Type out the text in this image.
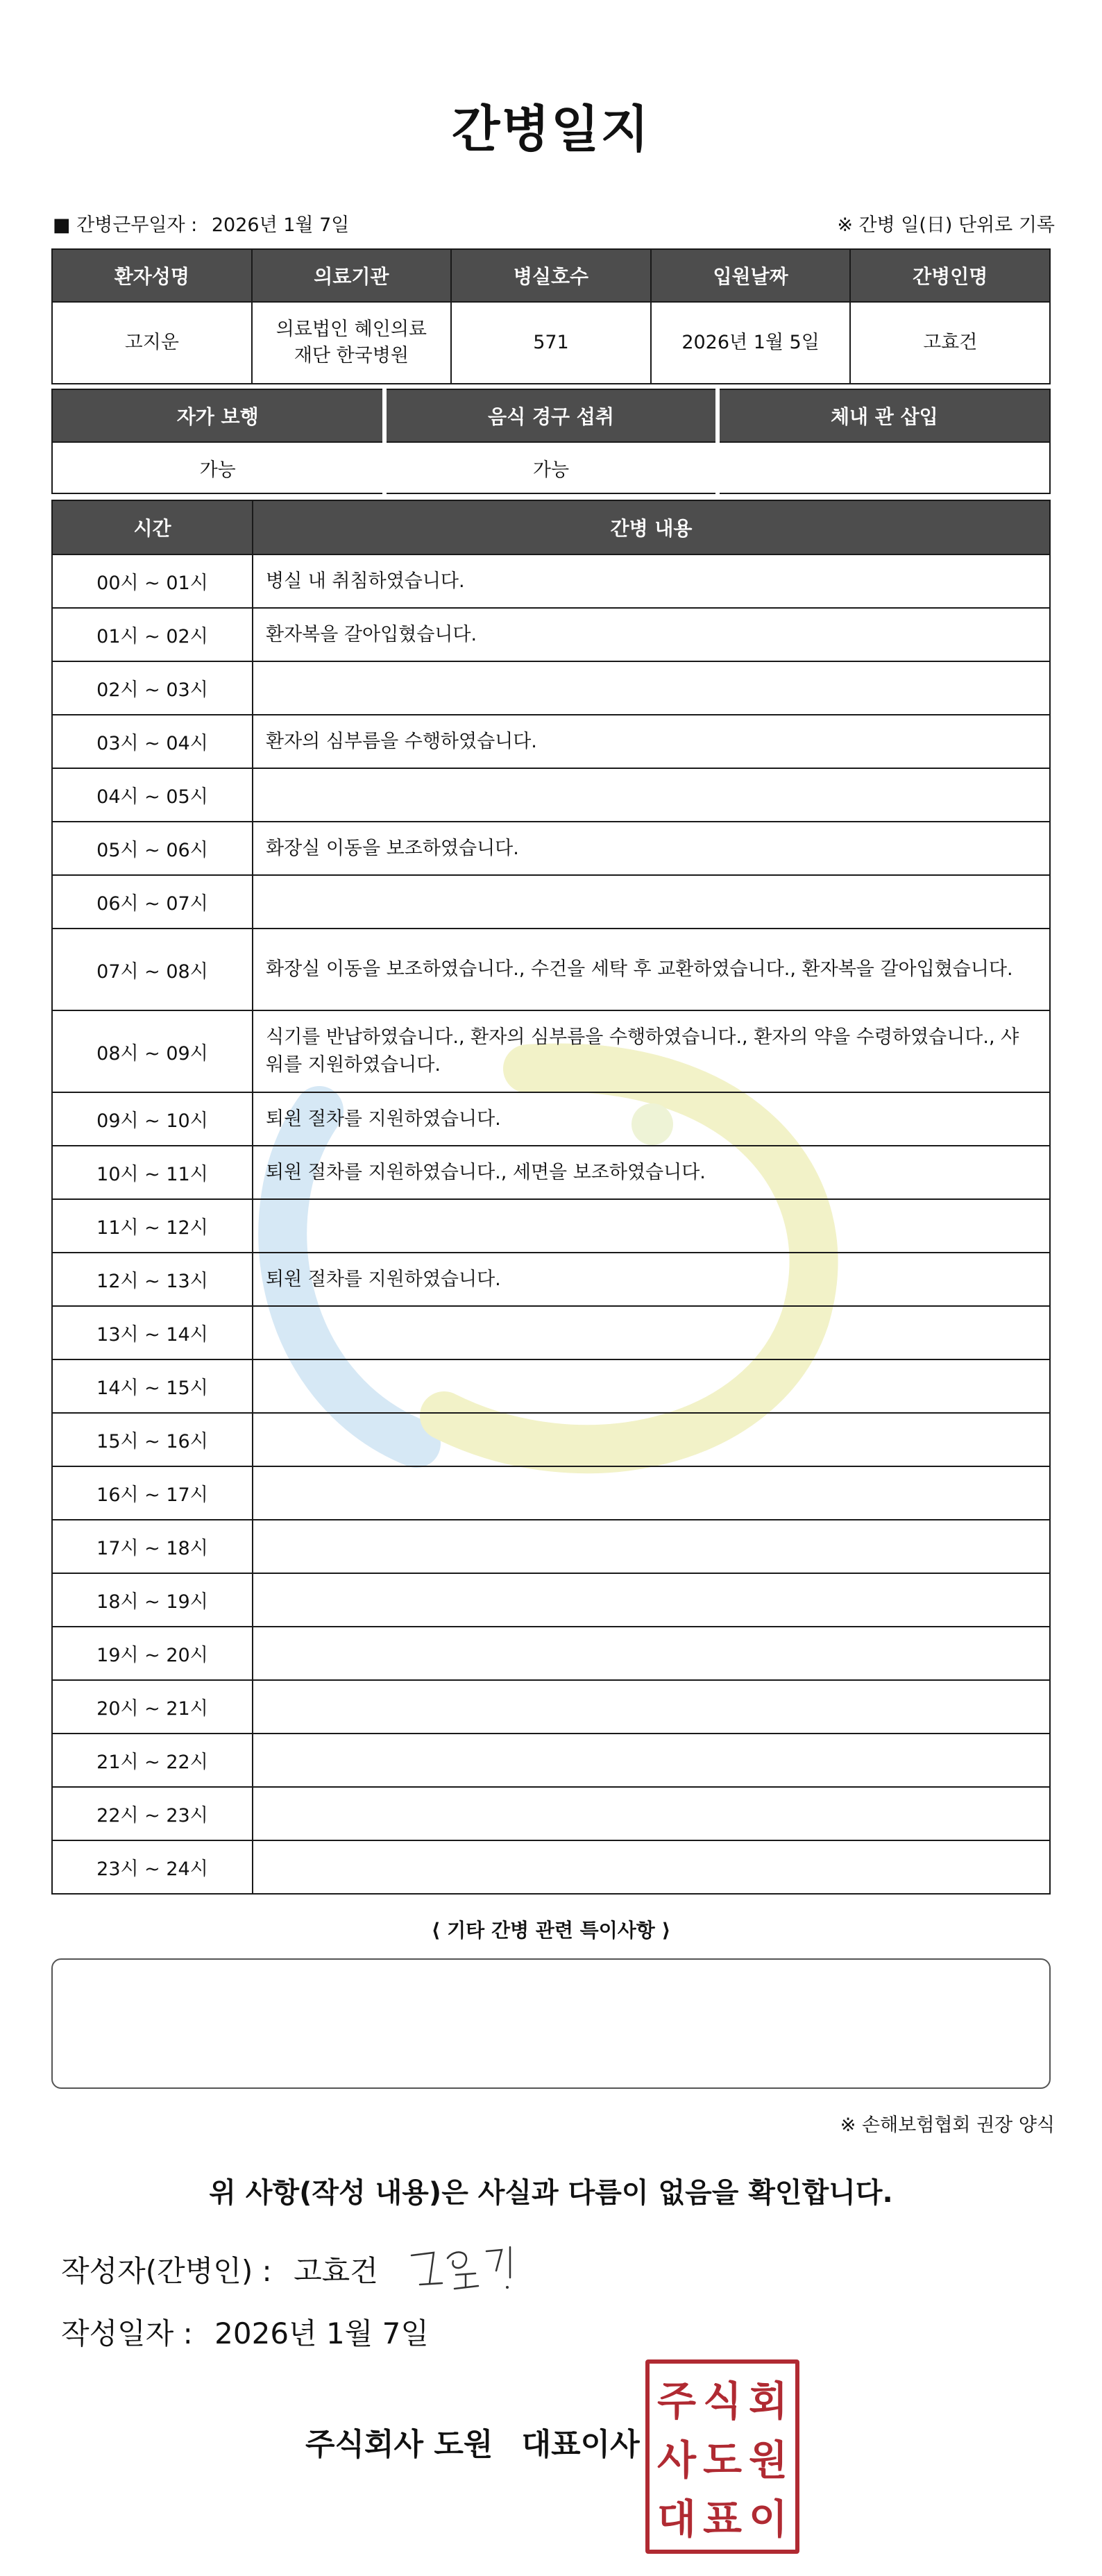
간병일지
■ 간병근무일자 : 2026년 1월 7일	※ 간병 일(日) 단위로 기록
환자성명	의료기관	병실호수	입원날짜	간병인명
고지운	의료법인 혜인의료
재단 한국병원	571	2026년 1월 5일	고효건
자가 보행	음식 경구 섭취	체내 관 삽입
가능	가능	
시간	간병 내용
00시 ~ 01시	병실 내 취침하였습니다.
01시 ~ 02시	환자복을 갈아입혔습니다.
02시 ~ 03시	
03시 ~ 04시	환자의 심부름을 수행하였습니다.
04시 ~ 05시	
05시 ~ 06시	화장실 이동을 보조하였습니다.
06시 ~ 07시	
07시 ~ 08시	화장실 이동을 보조하였습니다., 수건을 세탁 후 교환하였습니다., 환자복을 갈아입혔습니다.
08시 ~ 09시	식기를 반납하였습니다., 환자의 심부름을 수행하였습니다., 환자의 약을 수령하였습니다., 샤워를 지원하였습니다.
09시 ~ 10시	퇴원 절차를 지원하였습니다.
10시 ~ 11시	퇴원 절차를 지원하였습니다., 세면을 보조하였습니다.
11시 ~ 12시	
12시 ~ 13시	퇴원 절차를 지원하였습니다.
13시 ~ 14시	
14시 ~ 15시	
15시 ~ 16시	
16시 ~ 17시	
17시 ~ 18시	
18시 ~ 19시	
19시 ~ 20시	
20시 ~ 21시	
21시 ~ 22시	
22시 ~ 23시	
23시 ~ 24시	
⟨ 기타 간병 관련 특이사항 ⟩
※ 손해보험협회 권장 양식
위 사항(작성 내용)은 사실과 다름이 없음을 확인합니다.
작성자(간병인) : 고효건
작성일자 : 2026년 1월 7일
주식회사 도원 대표이사
주 식 회
사 도 원
대 표 이
